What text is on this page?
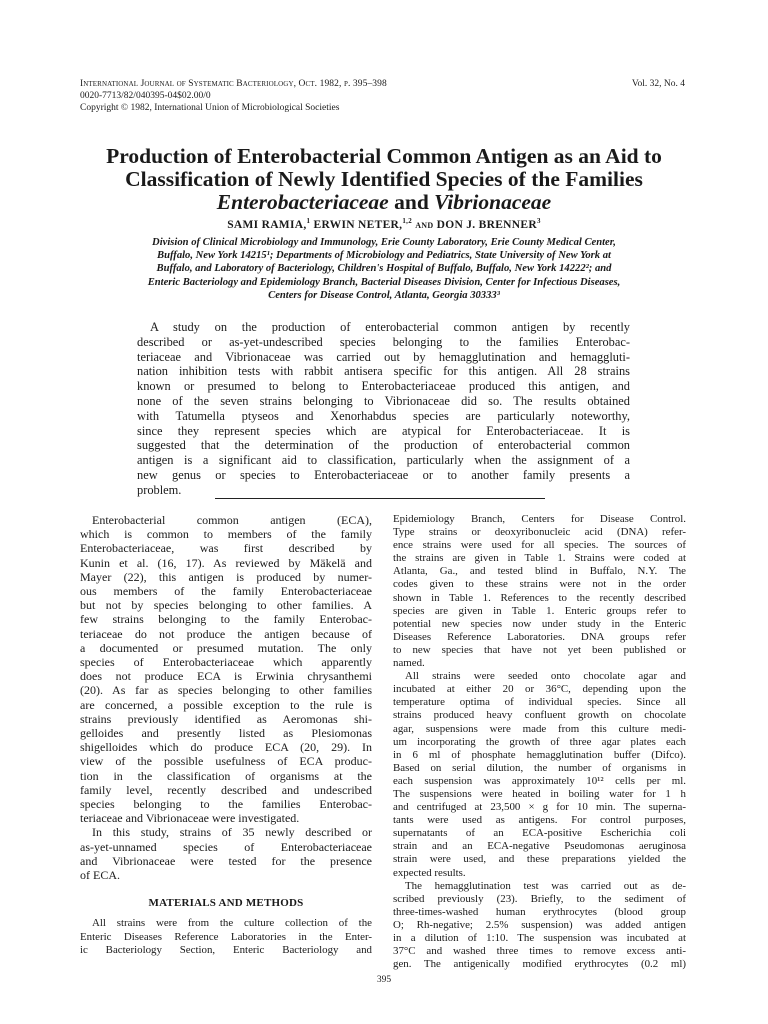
International Journal of Systematic Bacteriology, Oct. 1982, p. 395–398	Vol. 32, No. 4
0020-7713/82/040395-04$02.00/0
Copyright © 1982, International Union of Microbiological Societies
Production of Enterobacterial Common Antigen as an Aid to
Classification of Newly Identified Species of the Families
Enterobacteriaceae and Vibrionaceae
SAMI RAMIA,$^1$ ERWIN NETER,$^{1,2}$ and DON J. BRENNER$^3$
Division of Clinical Microbiology and Immunology, Erie County Laboratory, Erie County Medical Center,
Buffalo, New York 14215¹; Departments of Microbiology and Pediatrics, State University of New York at
Buffalo, and Laboratory of Bacteriology, Children's Hospital of Buffalo, Buffalo, New York 14222²; and
Enteric Bacteriology and Epidemiology Branch, Bacterial Diseases Division, Center for Infectious Diseases,
Centers for Disease Control, Atlanta, Georgia 30333³
A study on the production of enterobacterial common antigen by recently
described or as-yet-undescribed species belonging to the families Enterobac-
teriaceae and Vibrionaceae was carried out by hemagglutination and hemaggluti-
nation inhibition tests with rabbit antisera specific for this antigen. All 28 strains
known or presumed to belong to Enterobacteriaceae produced this antigen, and
none of the seven strains belonging to Vibrionaceae did so. The results obtained
with Tatumella ptyseos and Xenorhabdus species are particularly noteworthy,
since they represent species which are atypical for Enterobacteriaceae. It is
suggested that the determination of the production of enterobacterial common
antigen is a significant aid to classification, particularly when the assignment of a
new genus or species to Enterobacteriaceae or to another family presents a
problem.
Enterobacterial common antigen (ECA),
which is common to members of the family
Enterobacteriaceae, was first described by
Kunin et al. (16, 17). As reviewed by Mäkelä and
Mayer (22), this antigen is produced by numer-
ous members of the family Enterobacteriaceae
but not by species belonging to other families. A
few strains belonging to the family Enterobac-
teriaceae do not produce the antigen because of
a documented or presumed mutation. The only
species of Enterobacteriaceae which apparently
does not produce ECA is Erwinia chrysanthemi
(20). As far as species belonging to other families
are concerned, a possible exception to the rule is
strains previously identified as Aeromonas shi-
gelloides and presently listed as Plesiomonas
shigelloides which do produce ECA (20, 29). In
view of the possible usefulness of ECA produc-
tion in the classification of organisms at the
family level, recently described and undescribed
species belonging to the families Enterobac-
teriaceae and Vibrionaceae were investigated.
In this study, strains of 35 newly described or
as-yet-unnamed species of Enterobacteriaceae
and Vibrionaceae were tested for the presence
of ECA.
MATERIALS AND METHODS
All strains were from the culture collection of the
Enteric Diseases Reference Laboratories in the Enter-
ic Bacteriology Section, Enteric Bacteriology and
Epidemiology Branch, Centers for Disease Control.
Type strains or deoxyribonucleic acid (DNA) refer-
ence strains were used for all species. The sources of
the strains are given in Table 1. Strains were coded at
Atlanta, Ga., and tested blind in Buffalo, N.Y. The
codes given to these strains were not in the order
shown in Table 1. References to the recently described
species are given in Table 1. Enteric groups refer to
potential new species now under study in the Enteric
Diseases Reference Laboratories. DNA groups refer
to new species that have not yet been published or
named.
All strains were seeded onto chocolate agar and
incubated at either 20 or 36°C, depending upon the
temperature optima of individual species. Since all
strains produced heavy confluent growth on chocolate
agar, suspensions were made from this culture medi-
um incorporating the growth of three agar plates each
in 6 ml of phosphate hemagglutination buffer (Difco).
Based on serial dilution, the number of organisms in
each suspension was approximately 10¹² cells per ml.
The suspensions were heated in boiling water for 1 h
and centrifuged at 23,500 × g for 10 min. The superna-
tants were used as antigens. For control purposes,
supernatants of an ECA-positive Escherichia coli
strain and an ECA-negative Pseudomonas aeruginosa
strain were used, and these preparations yielded the
expected results.
The hemagglutination test was carried out as de-
scribed previously (23). Briefly, to the sediment of
three-times-washed human erythrocytes (blood group
O; Rh-negative; 2.5% suspension) was added antigen
in a dilution of 1:10. The suspension was incubated at
37°C and washed three times to remove excess anti-
gen. The antigenically modified erythrocytes (0.2 ml)
395
